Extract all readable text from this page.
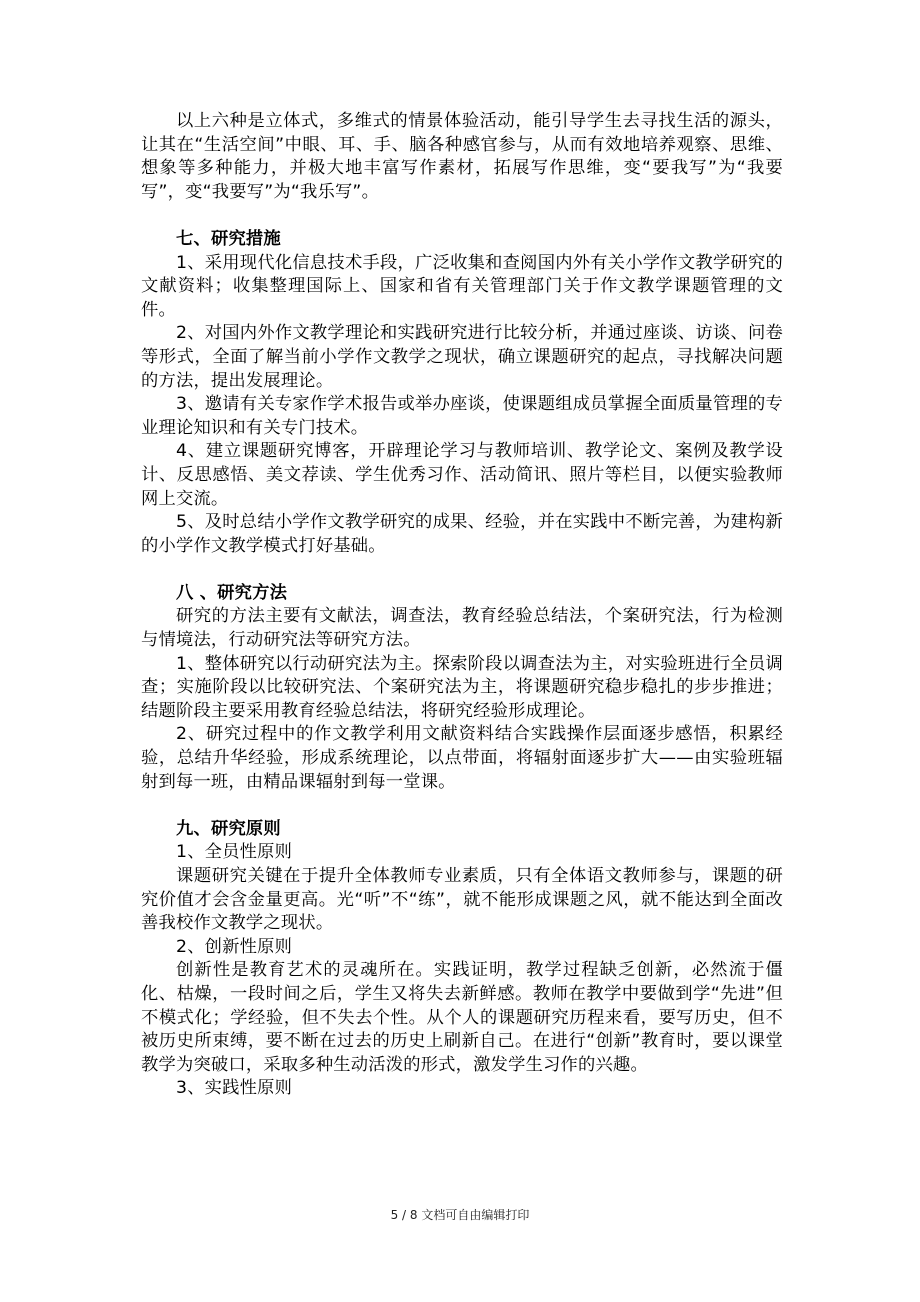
以上六种是立体式，多维式的情景体验活动，能引导学生去寻找生活的源头，让其在“生活空间”中眼、耳、手、脑各种感官参与，从而有效地培养观察、思维、想象等多种能力，并极大地丰富写作素材，拓展写作思维，变“要我写”为“我要写”，变“我要写”为“我乐写”。

七、研究措施

1、采用现代化信息技术手段，广泛收集和查阅国内外有关小学作文教学研究的文献资料；收集整理国际上、国家和省有关管理部门关于作文教学课题管理的文件。

2、对国内外作文教学理论和实践研究进行比较分析，并通过座谈、访谈、问卷等形式，全面了解当前小学作文教学之现状，确立课题研究的起点，寻找解决问题的方法，提出发展理论。

3、邀请有关专家作学术报告或举办座谈，使课题组成员掌握全面质量管理的专业理论知识和有关专门技术。

4、建立课题研究博客，开辟理论学习与教师培训、教学论文、案例及教学设计、反思感悟、美文荐读、学生优秀习作、活动简讯、照片等栏目，以便实验教师网上交流。

5、及时总结小学作文教学研究的成果、经验，并在实践中不断完善，为建构新的小学作文教学模式打好基础。

八 、研究方法

研究的方法主要有文献法，调查法，教育经验总结法，个案研究法，行为检测与情境法，行动研究法等研究方法。

1、整体研究以行动研究法为主。探索阶段以调查法为主，对实验班进行全员调查；实施阶段以比较研究法、个案研究法为主，将课题研究稳步稳扎的步步推进；结题阶段主要采用教育经验总结法，将研究经验形成理论。

2、研究过程中的作文教学利用文献资料结合实践操作层面逐步感悟，积累经验，总结升华经验，形成系统理论，以点带面，将辐射面逐步扩大——由实验班辐射到每一班，由精品课辐射到每一堂课。

九、研究原则

1、全员性原则

课题研究关键在于提升全体教师专业素质，只有全体语文教师参与，课题的研究价值才会含金量更高。光“听”不“练”，就不能形成课题之风，就不能达到全面改善我校作文教学之现状。

2、创新性原则

创新性是教育艺术的灵魂所在。实践证明，教学过程缺乏创新，必然流于僵化、枯燥，一段时间之后，学生又将失去新鲜感。教师在教学中要做到学“先进”但不模式化；学经验，但不失去个性。从个人的课题研究历程来看，要写历史，但不被历史所束缚，要不断在过去的历史上刷新自己。在进行“创新”教育时，要以课堂教学为突破口，采取多种生动活泼的形式，激发学生习作的兴趣。

3、实践性原则

5 / 8 文档可自由编辑打印
